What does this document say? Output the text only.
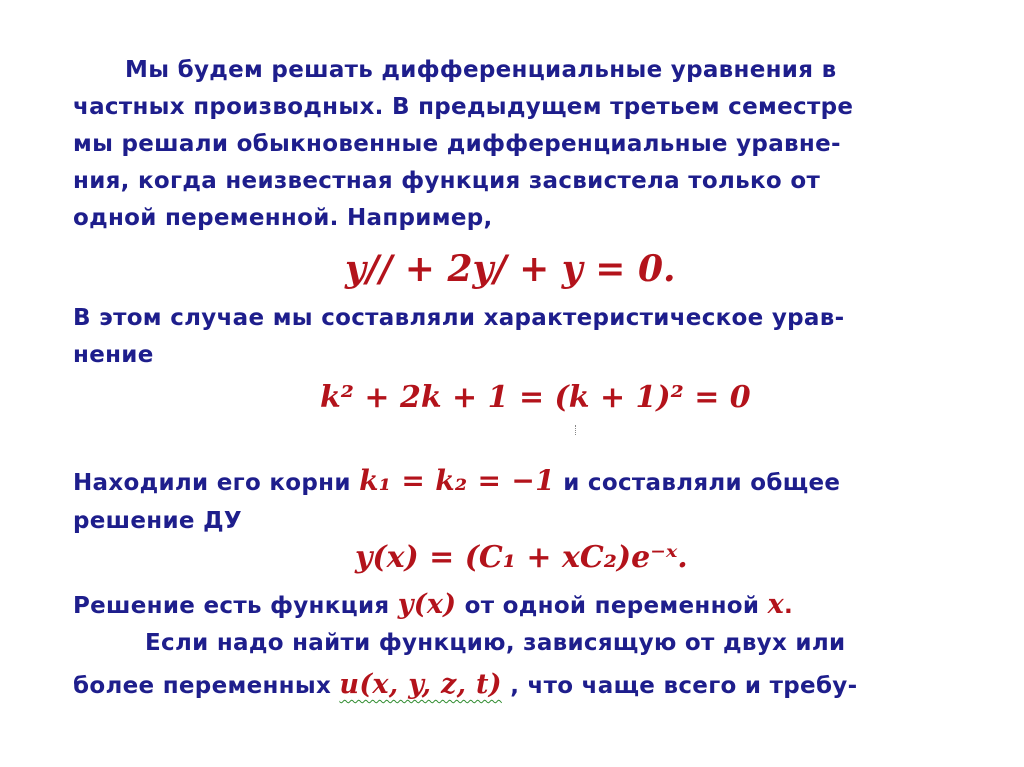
Мы будем решать дифференциальные уравнения в
частных производных. В предыдущем третьем семестре
мы решали обыкновенные дифференциальные уравне-
ния, когда неизвестная функция засвистела только от
одной переменной. Например,
y// + 2y/ + y = 0.
В этом случае мы составляли характеристическое урав-
нение
k² + 2k + 1 = (k + 1)² = 0
Находили его корни k₁ = k₂ = −1 и составляли общее
решение ДУ
y(x) = (C₁ + xC₂)e⁻ˣ.
Решение есть функция y(x) от одной переменной x.
Если надо найти функцию, зависящую от двух или
более переменных u(x, y, z, t) , что чаще всего и требу-
